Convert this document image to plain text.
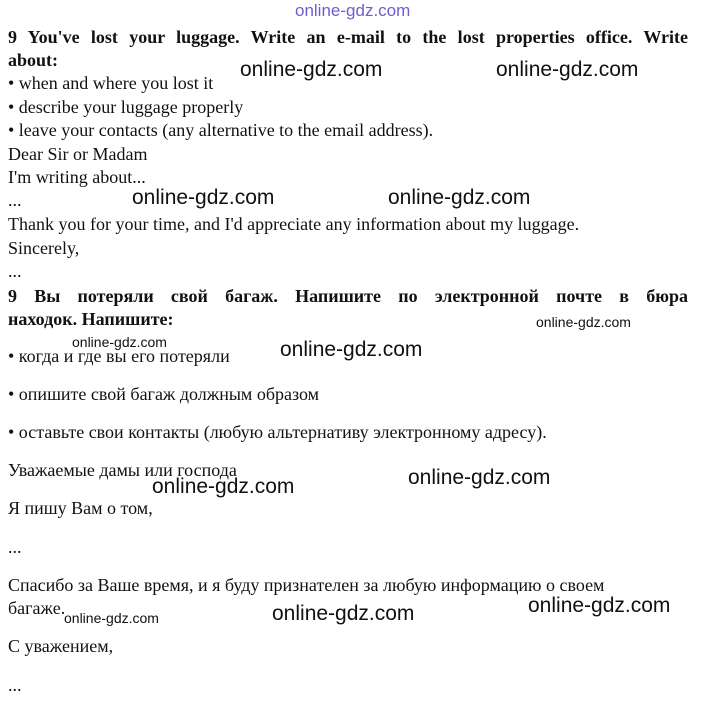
online-gdz.com
9 You've lost your luggage. Write an e-mail to the lost properties office. Write
about:
• when and where you lost it
• describe your luggage properly
• leave your contacts (any alternative to the email address).
Dear Sir or Madam
I'm writing about...
...
Thank you for your time, and I'd appreciate any information about my luggage.
Sincerely,
...
9 Вы потеряли свой багаж. Напишите по электронной почте в бюра
находок. Напишите:
• когда и где вы его потеряли
• опишите свой багаж должным образом
• оставьте свои контакты (любую альтернативу электронному адресу).
Уважаемые дамы или господа
Я пишу Вам о том,
...
Спасибо за Ваше время, и я буду признателен за любую информацию о своем
багаже.
С уважением,
...
online-gdz.com	online-gdz.com
online-gdz.com	online-gdz.com
online-gdz.com
online-gdz.com	online-gdz.com
online-gdz.com
online-gdz.com
online-gdz.com
online-gdz.com
online-gdz.com
